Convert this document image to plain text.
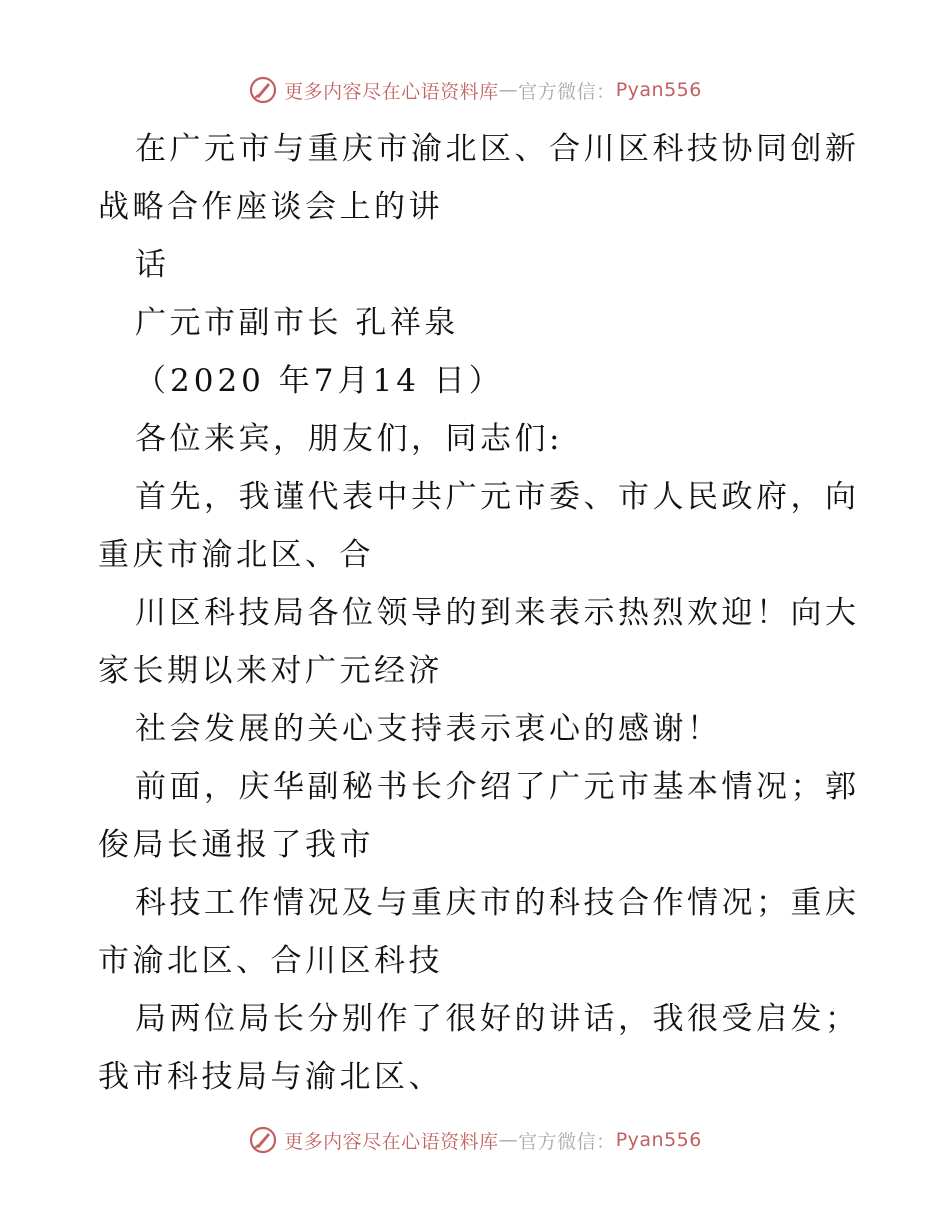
更多内容尽在心语资料库 — 官方微信： Pyan556
在广元市与重庆市渝北区、合川区科技协同创新
战略合作座谈会上的讲
话
广元市副市长 孔祥泉
（2020 年7月14 日）
各位来宾，朋友们，同志们:
首先，我谨代表中共广元市委、市人民政府，向
重庆市渝北区、合
川区科技局各位领导的到来表示热烈欢迎！向大
家长期以来对广元经济
社会发展的关心支持表示衷心的感谢！
前面，庆华副秘书长介绍了广元市基本情况；郭
俊局长通报了我市
科技工作情况及与重庆市的科技合作情况；重庆
市渝北区、合川区科技
局两位局长分别作了很好的讲话，我很受启发；
我市科技局与渝北区、
更多内容尽在心语资料库 — 官方微信： Pyan556
